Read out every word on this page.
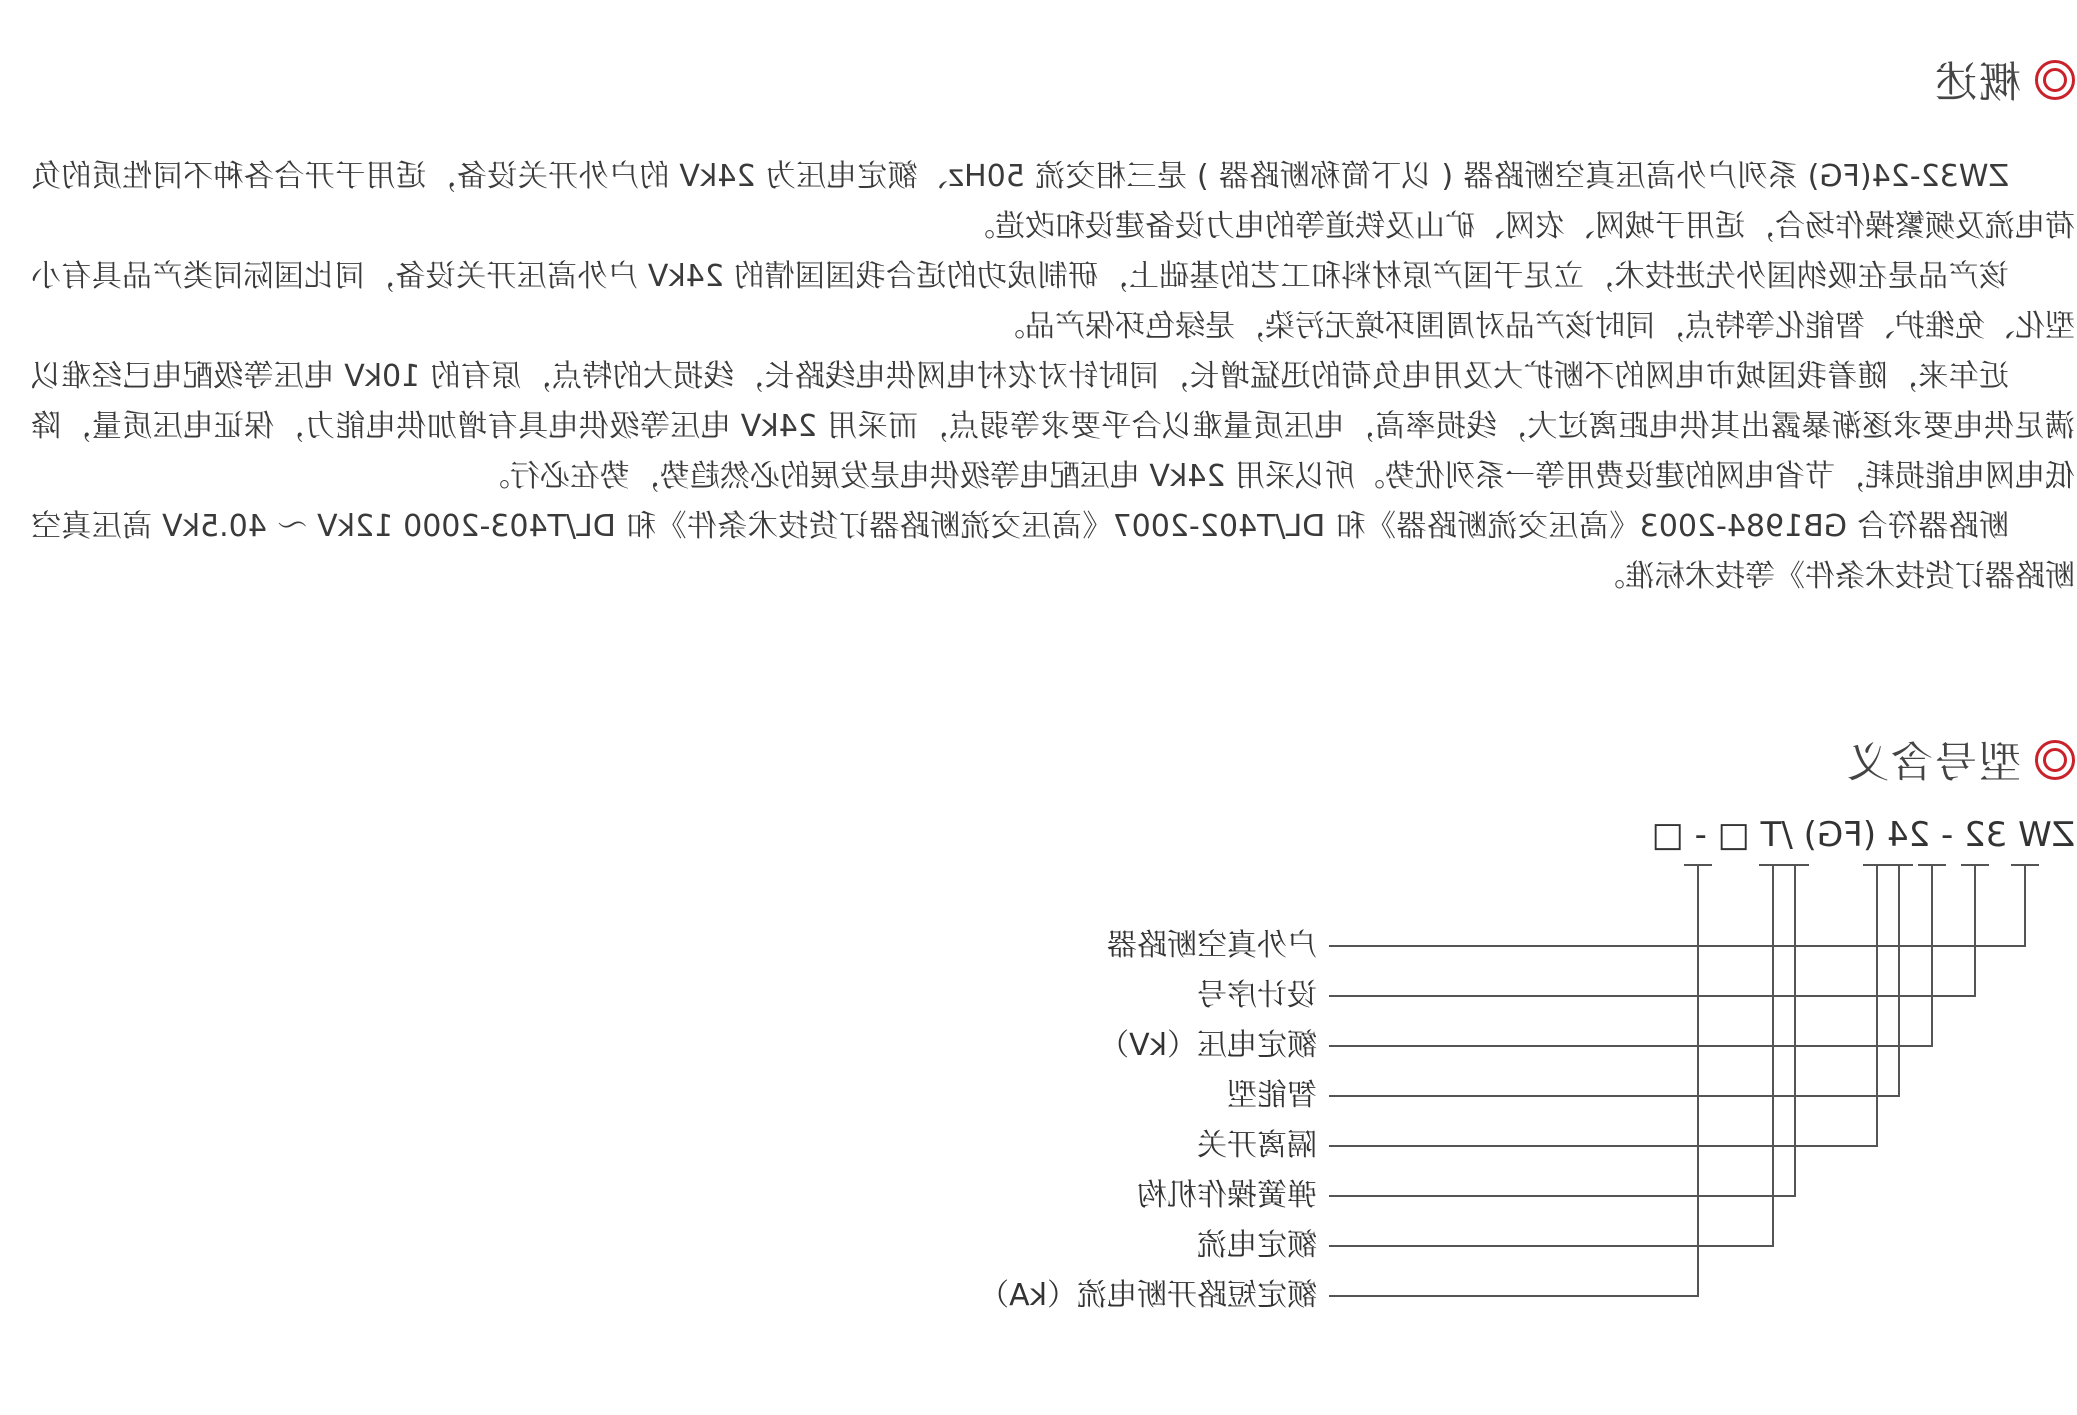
概述

ZW32-24(FG) 系列户外高压真空断路器 ( 以下简称断路器 ) 是三相交流 50Hz、额定电压为 24kV 的户外开关设备，适用于开合各种不同性质的负荷电流及频繁操作场合，适用于城网、农网、矿山及铁道等的电力设备建设和改造。

该产品是在吸纳国外先进技术，立足于国产原材料和工艺的基础上，研制成功的适合我国国情的 24kV 户外高压开关设备，同比国际同类产品具有小型化、免维护、智能化等特点，同时该产品对周围环境无污染，是绿色环保产品。

近年来，随着我国城市电网的不断扩大及用电负荷的迅猛增长，同时针对农村电网供电线路长，线损大的特点，原有的 10kV 电压等级配电已经难以满足供电要求逐渐暴露出其供电距离过大，线损率高，电压质量难以合乎要求等弱点，而采用 24kV 电压等级供电具有增加供电能力，保证电压质量，降低电网电能损耗，节省电网的建设费用等一系列优势。所以采用 24kV 电压配电等级供电是发展的必然趋势，势在必行。

断路器符合 GB1984-2003《高压交流断路器》和 DL/T402-2007《高压交流断路器订货技术条件》和 DL/T403-2000 12kV ～ 40.5kV 高压真空断路器订货技术条件》等技术标准。

型号含义
ZW 32 - 24 (FG) /T □ - □
户外真空断路器
设计序号
额定电压（kV）
智能型
隔离开关
弹簧操作机构
额定电流
额定短路开断电流（kA）
